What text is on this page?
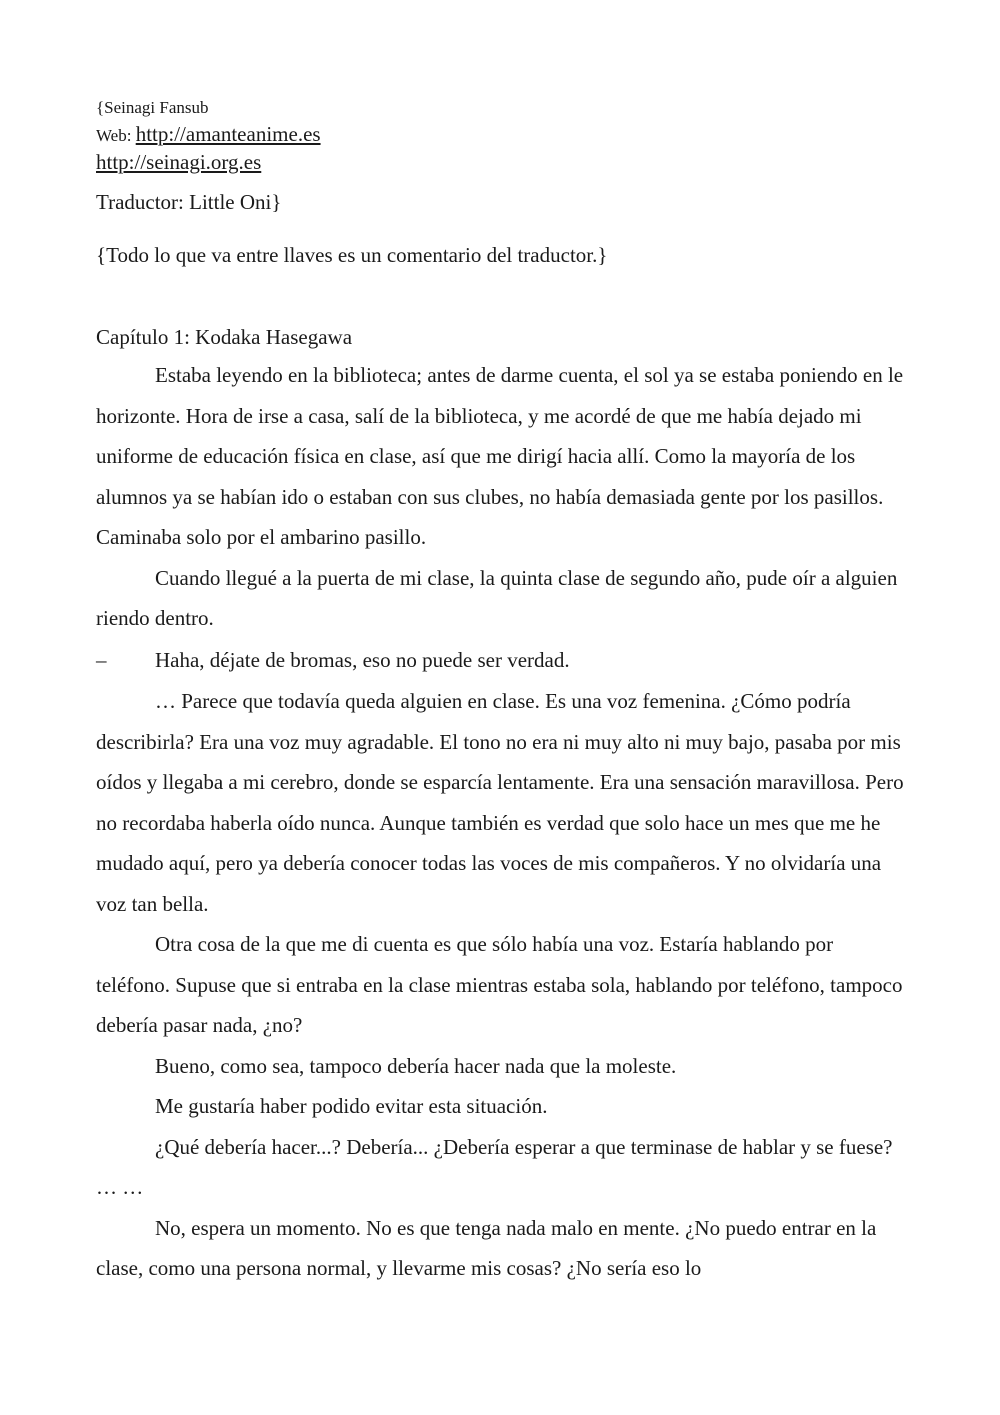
{Seinagi Fansub
Web: http://amanteanime.es
http://seinagi.org.es
Traductor: Little Oni}
{Todo lo que va entre llaves es un comentario del traductor.}
Capítulo 1: Kodaka Hasegawa

Estaba leyendo en la biblioteca; antes de darme cuenta, el sol ya se estaba poniendo en le horizonte. Hora de irse a casa, salí de la biblioteca, y me acordé de que me había dejado mi uniforme de educación física en clase, así que me dirigí hacia allí. Como la mayoría de los alumnos ya se habían ido o estaban con sus clubes, no había demasiada gente por los pasillos. Caminaba solo por el ambarino pasillo.

Cuando llegué a la puerta de mi clase, la quinta clase de segundo año, pude oír a alguien riendo dentro.

–	Haha, déjate de bromas, eso no puede ser verdad.

… Parece que todavía queda alguien en clase. Es una voz femenina. ¿Cómo podría describirla? Era una voz muy agradable. El tono no era ni muy alto ni muy bajo, pasaba por mis oídos y llegaba a mi cerebro, donde se esparcía lentamente. Era una sensación maravillosa. Pero no recordaba haberla oído nunca. Aunque también es verdad que solo hace un mes que me he mudado aquí, pero ya debería conocer todas las voces de mis compañeros. Y no olvidaría una voz tan bella.

Otra cosa de la que me di cuenta es que sólo había una voz. Estaría hablando por teléfono. Supuse que si entraba en la clase mientras estaba sola, hablando por teléfono, tampoco debería pasar nada, ¿no?

Bueno, como sea, tampoco debería hacer nada que la moleste.

Me gustaría haber podido evitar esta situación.

¿Qué debería hacer...? Debería... ¿Debería esperar a que terminase de hablar y se fuese? … …

No, espera un momento. No es que tenga nada malo en mente. ¿No puedo entrar en la clase, como una persona normal, y llevarme mis cosas? ¿No sería eso lo
